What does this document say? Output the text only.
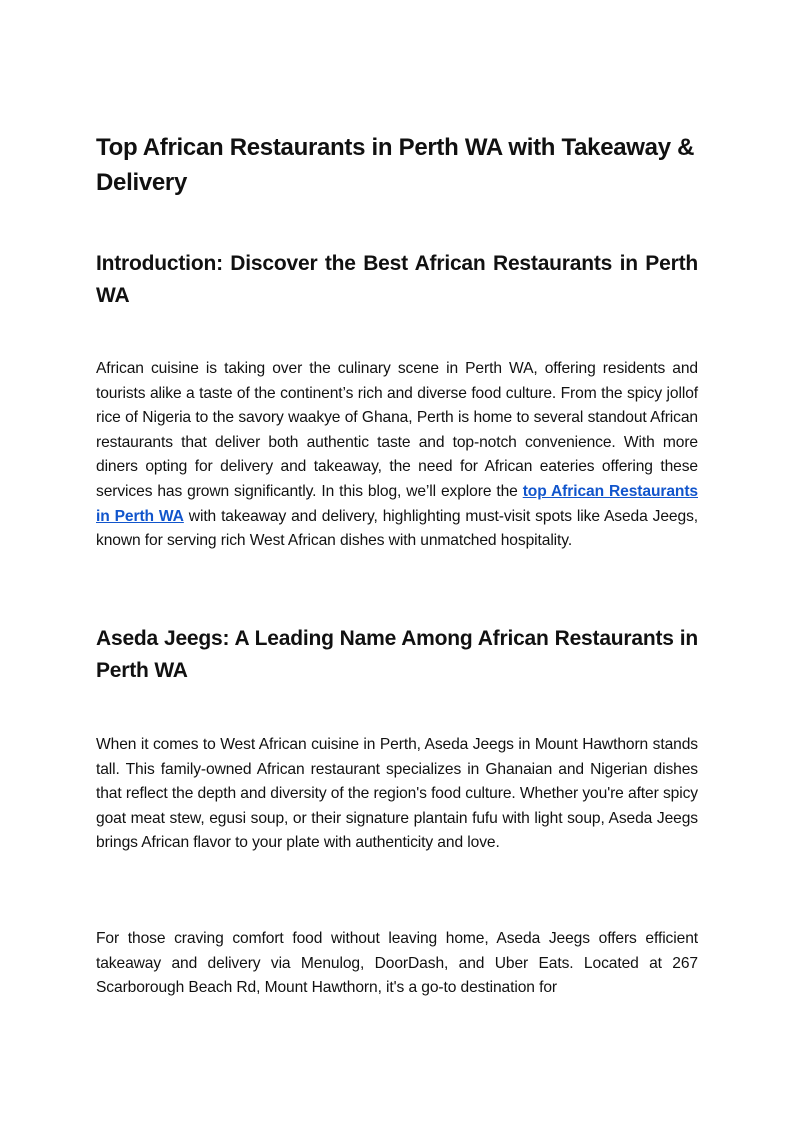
Top African Restaurants in Perth WA with Takeaway & Delivery
Introduction: Discover the Best African Restaurants in Perth WA

African cuisine is taking over the culinary scene in Perth WA, offering residents and tourists alike a taste of the continent’s rich and diverse food culture. From the spicy jollof rice of Nigeria to the savory waakye of Ghana, Perth is home to several standout African restaurants that deliver both authentic taste and top-notch convenience. With more diners opting for delivery and takeaway, the need for African eateries offering these services has grown significantly. In this blog, we’ll explore the top African Restaurants in Perth WA with takeaway and delivery, highlighting must-visit spots like Aseda Jeegs, known for serving rich West African dishes with unmatched hospitality.

Aseda Jeegs: A Leading Name Among African Restaurants in Perth WA

When it comes to West African cuisine in Perth, Aseda Jeegs in Mount Hawthorn stands tall. This family-owned African restaurant specializes in Ghanaian and Nigerian dishes that reflect the depth and diversity of the region's food culture. Whether you're after spicy goat meat stew, egusi soup, or their signature plantain fufu with light soup, Aseda Jeegs brings African flavor to your plate with authenticity and love.

For those craving comfort food without leaving home, Aseda Jeegs offers efficient takeaway and delivery via Menulog, DoorDash, and Uber Eats. Located at 267 Scarborough Beach Rd, Mount Hawthorn, it's a go-to destination for
